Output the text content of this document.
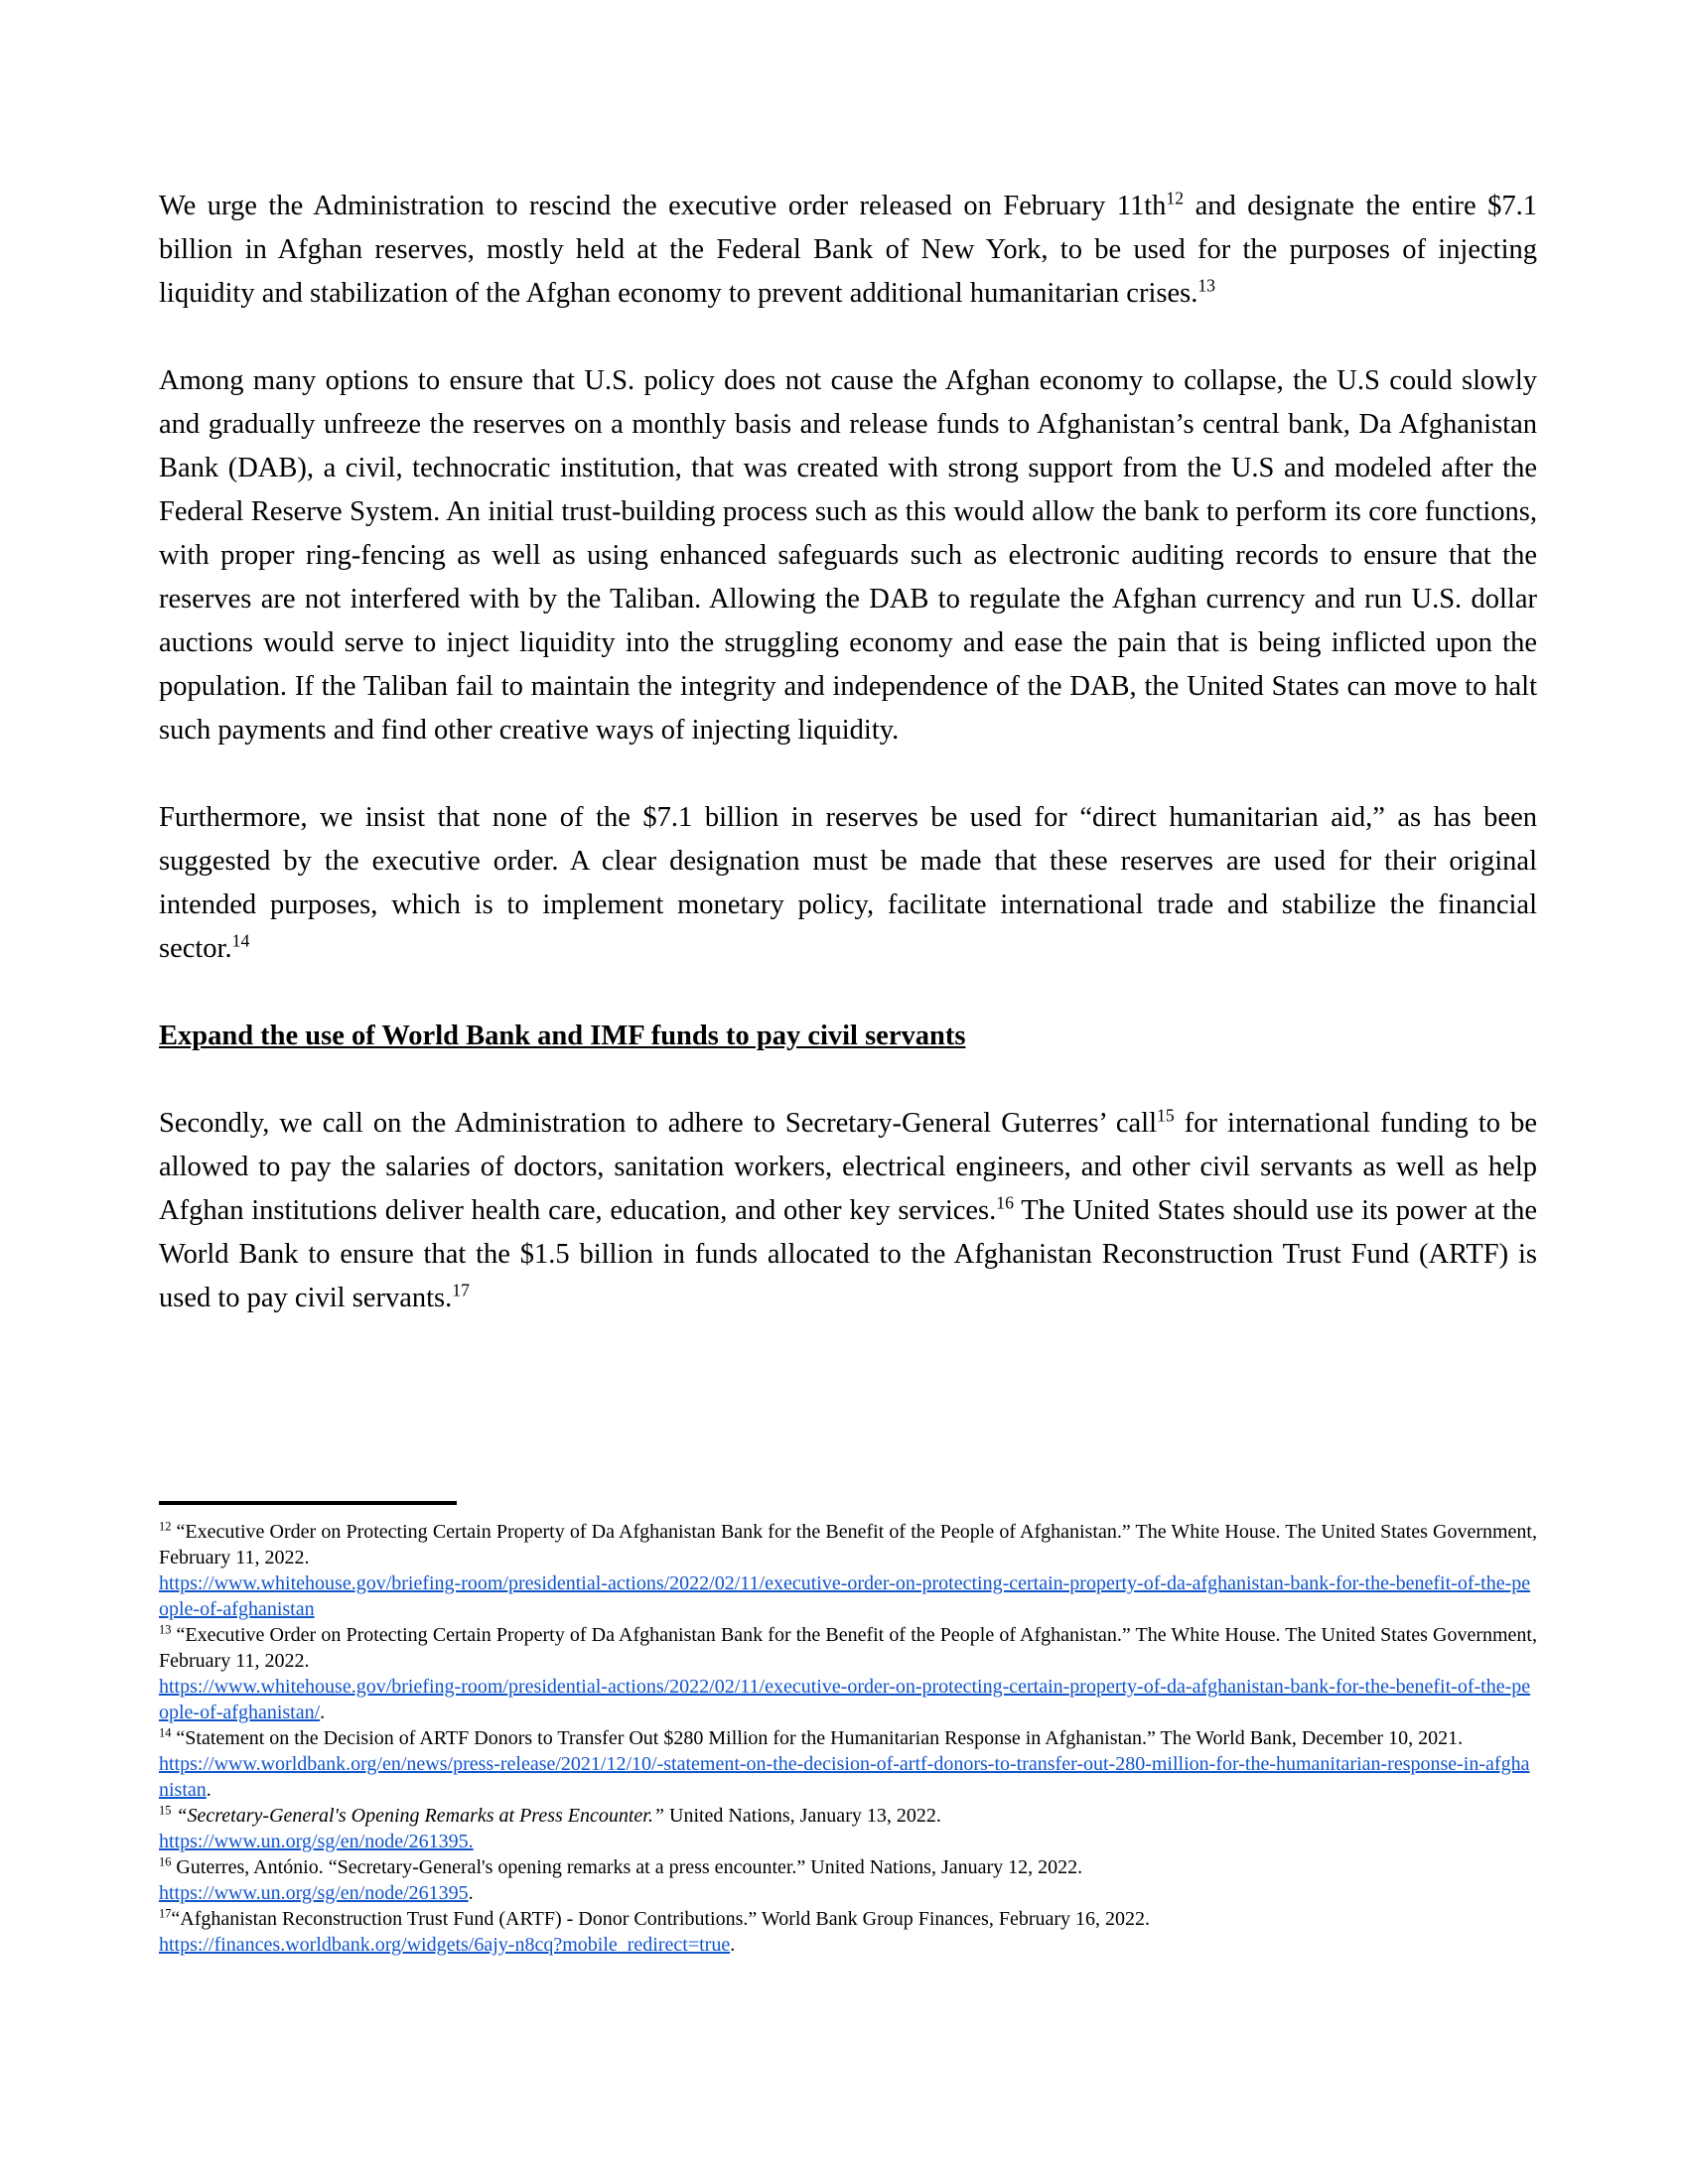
We urge the Administration to rescind the executive order released on February $11th^{12}$ and designate the entire $7.1 billion in Afghan reserves, mostly held at the Federal Bank of New York, to be used for the purposes of injecting liquidity and stabilization of the Afghan economy to prevent additional humanitarian crises.$^{13}$

Among many options to ensure that U.S. policy does not cause the Afghan economy to collapse, the U.S could slowly and gradually unfreeze the reserves on a monthly basis and release funds to Afghanistan’s central bank, Da Afghanistan Bank (DAB), a civil, technocratic institution, that was created with strong support from the U.S and modeled after the Federal Reserve System. An initial trust-building process such as this would allow the bank to perform its core functions, with proper ring-fencing as well as using enhanced safeguards such as electronic auditing records to ensure that the reserves are not interfered with by the Taliban. Allowing the DAB to regulate the Afghan currency and run U.S. dollar auctions would serve to inject liquidity into the struggling economy and ease the pain that is being inflicted upon the population. If the Taliban fail to maintain the integrity and independence of the DAB, the United States can move to halt such payments and find other creative ways of injecting liquidity.

Furthermore, we insist that none of the $7.1 billion in reserves be used for “direct humanitarian aid,” as has been suggested by the executive order. A clear designation must be made that these reserves are used for their original intended purposes, which is to implement monetary policy, facilitate international trade and stabilize the financial sector.$^{14}$

Expand the use of World Bank and IMF funds to pay civil servants

Secondly, we call on the Administration to adhere to Secretary-General Guterres’ call$^{15}$ for international funding to be allowed to pay the salaries of doctors, sanitation workers, electrical engineers, and other civil servants as well as help Afghan institutions deliver health care, education, and other key services.$^{16}$ The United States should use its power at the World Bank to ensure that the $1.5 billion in funds allocated to the Afghanistan Reconstruction Trust Fund (ARTF) is used to pay civil servants.$^{17}$

$^{12}$ “Executive Order on Protecting Certain Property of Da Afghanistan Bank for the Benefit of the People of Afghanistan.” The White House. The United States Government, February 11, 2022.
https://www.whitehouse.gov/briefing-room/presidential-actions/2022/02/11/executive-order-on-protecting-certain-property-of-da-afghanistan-bank-for-the-benefit-of-the-people-of-afghanistan

$^{13}$ “Executive Order on Protecting Certain Property of Da Afghanistan Bank for the Benefit of the People of Afghanistan.” The White House. The United States Government, February 11, 2022.
https://www.whitehouse.gov/briefing-room/presidential-actions/2022/02/11/executive-order-on-protecting-certain-property-of-da-afghanistan-bank-for-the-benefit-of-the-people-of-afghanistan/.

$^{14}$ “Statement on the Decision of ARTF Donors to Transfer Out $280 Million for the Humanitarian Response in Afghanistan.” The World Bank, December 10, 2021.
https://www.worldbank.org/en/news/press-release/2021/12/10/-statement-on-the-decision-of-artf-donors-to-transfer-out-280-million-for-the-humanitarian-response-in-afghanistan.

$^{15}$ “Secretary-General's Opening Remarks at Press Encounter.” United Nations, January 13, 2022.
https://www.un.org/sg/en/node/261395.

$^{16}$ Guterres, António. “Secretary-General's opening remarks at a press encounter.” United Nations, January 12, 2022.
https://www.un.org/sg/en/node/261395.

$^{17}$“Afghanistan Reconstruction Trust Fund (ARTF) - Donor Contributions.” World Bank Group Finances, February 16, 2022.
https://finances.worldbank.org/widgets/6ajy-n8cq?mobile_redirect=true.
